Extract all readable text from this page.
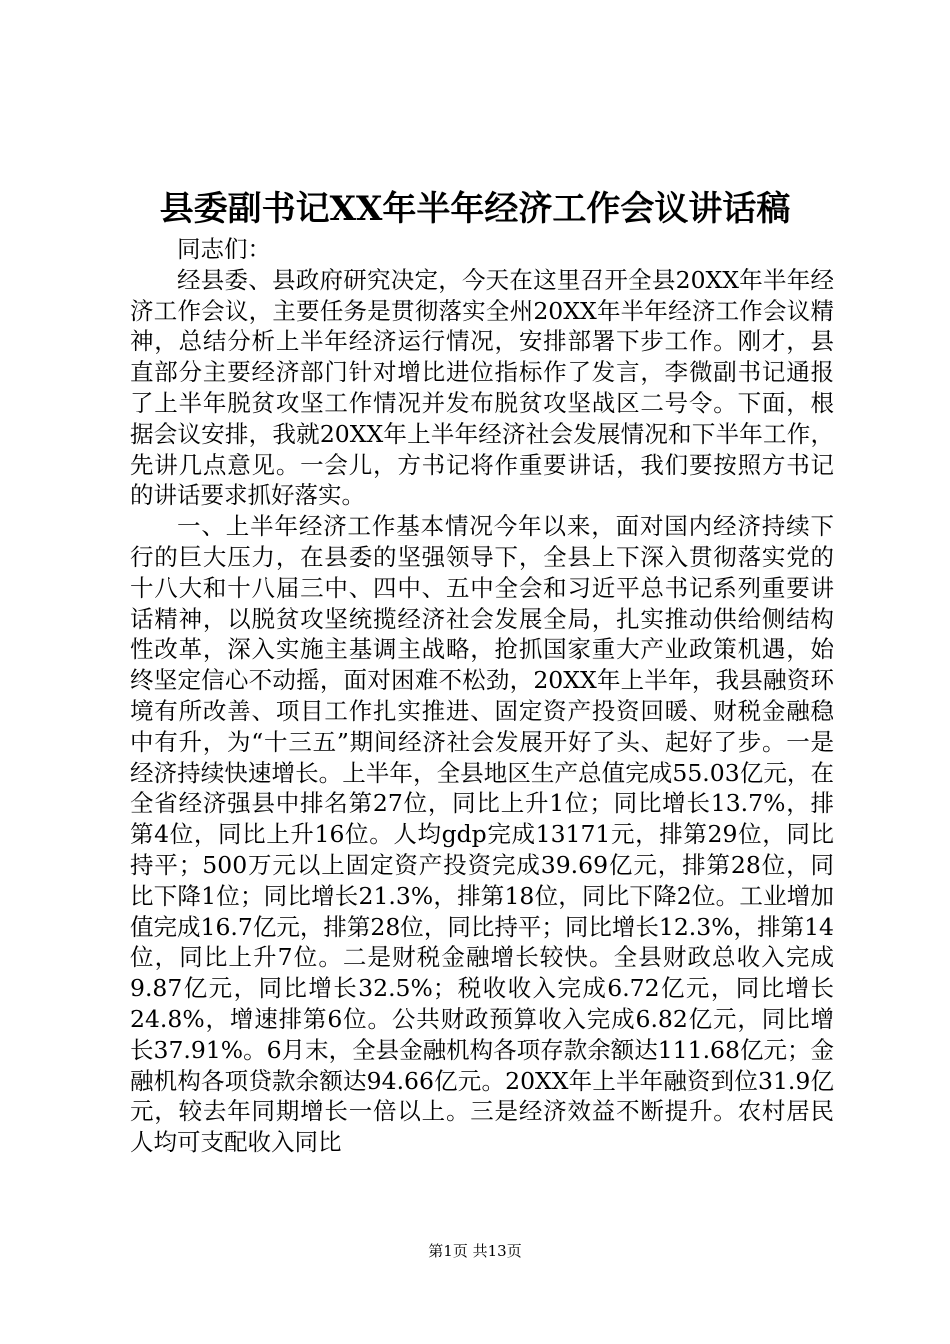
县委副书记XX年半年经济工作会议讲话稿

同志们：

经县委、县政府研究决定，今天在这里召开全县20XX年半年经济工作会议，主要任务是贯彻落实全州20XX年半年经济工作会议精神，总结分析上半年经济运行情况，安排部署下步工作。刚才，县直部分主要经济部门针对增比进位指标作了发言，李微副书记通报了上半年脱贫攻坚工作情况并发布脱贫攻坚战区二号令。下面，根据会议安排，我就20XX年上半年经济社会发展情况和下半年工作，先讲几点意见。一会儿，方书记将作重要讲话，我们要按照方书记的讲话要求抓好落实。

一、上半年经济工作基本情况今年以来，面对国内经济持续下行的巨大压力，在县委的坚强领导下，全县上下深入贯彻落实党的十八大和十八届三中、四中、五中全会和习近平总书记系列重要讲话精神，以脱贫攻坚统揽经济社会发展全局，扎实推动供给侧结构性改革，深入实施主基调主战略，抢抓国家重大产业政策机遇，始终坚定信心不动摇，面对困难不松劲，20XX年上半年，我县融资环境有所改善、项目工作扎实推进、固定资产投资回暖、财税金融稳中有升，为“十三五”期间经济社会发展开好了头、起好了步。一是经济持续快速增长。上半年，全县地区生产总值完成55.03亿元，在全省经济强县中排名第27位，同比上升1位；同比增长13.7%，排第4位，同比上升16位。人均gdp完成13171元，排第29位，同比持平；500万元以上固定资产投资完成39.69亿元，排第28位，同比下降1位；同比增长21.3%，排第18位，同比下降2位。工业增加值完成16.7亿元，排第28位，同比持平；同比增长12.3%，排第14位，同比上升7位。二是财税金融增长较快。全县财政总收入完成9.87亿元，同比增长32.5%；税收收入完成6.72亿元，同比增长24.8%，增速排第6位。公共财政预算收入完成6.82亿元，同比增长37.91%。6月末，全县金融机构各项存款余额达111.68亿元；金融机构各项贷款余额达94.66亿元。20XX年上半年融资到位31.9亿元，较去年同期增长一倍以上。三是经济效益不断提升。农村居民人均可支配收入同比

第1页 共13页
